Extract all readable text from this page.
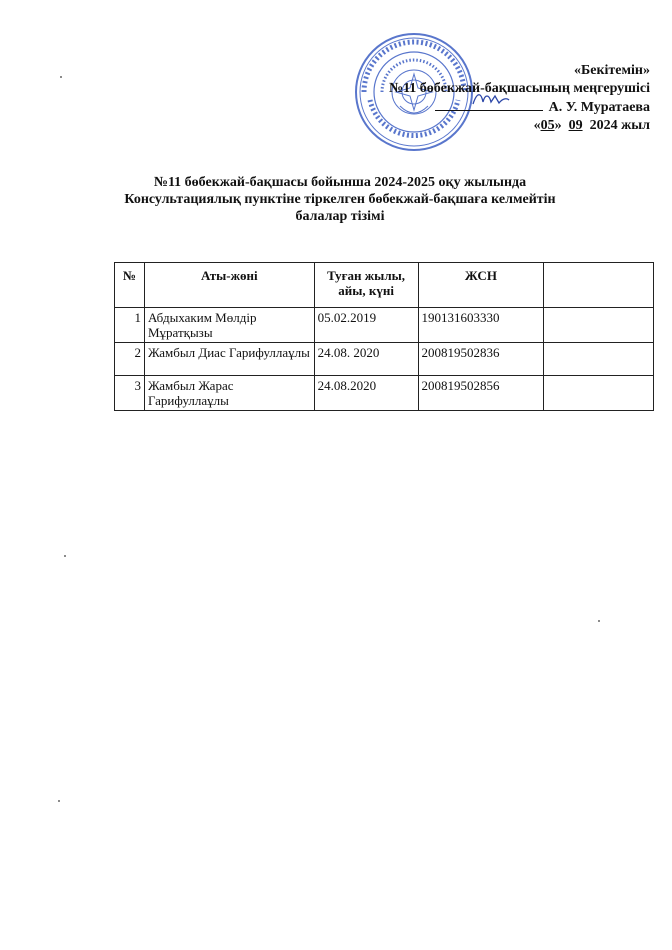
«Бекітемін»
№11 бөбекжай-бақшасының меңгерушісі
А. У. Муратаева
«05» 09 2024 жыл
№11 бөбекжай-бақшасы бойынша 2024-2025 оқу жылында
Консультациялық пунктіне тіркелген бөбекжай-бақшаға келмейтін
балалар тізімі
№	Аты-жөні	Туған жылы, айы, күні	ЖСН	
1	Абдыхаким Мөлдір Мұратқызы	05.02.2019	190131603330	
2	Жамбыл Диас Гарифуллаұлы	24.08. 2020	200819502836	
3	Жамбыл Жарас Гарифуллаұлы	24.08.2020	200819502856	
